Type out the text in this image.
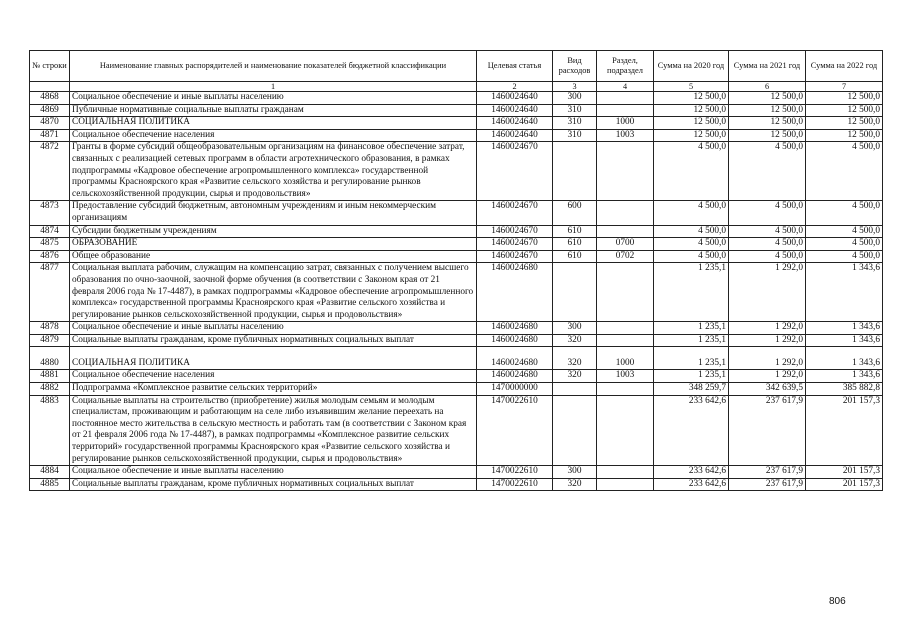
№ строки	Наименование главных распорядителей и наименование показателей бюджетной классификации	Целевая статья	Вид расходов	Раздел, подраздел	Сумма на 2020 год	Сумма на 2021 год	Сумма на 2022 год
	1	2	3	4	5	6	7
4868	Социальное обеспечение и иные выплаты населению	1460024640	300		12 500,0	12 500,0	12 500,0
4869	Публичные нормативные социальные выплаты гражданам	1460024640	310		12 500,0	12 500,0	12 500,0
4870	СОЦИАЛЬНАЯ ПОЛИТИКА	1460024640	310	1000	12 500,0	12 500,0	12 500,0
4871	Социальное обеспечение населения	1460024640	310	1003	12 500,0	12 500,0	12 500,0
4872	Гранты в форме субсидий общеобразовательным организациям на финансовое обеспечение затрат, связанных с реализацией сетевых программ в области агротехнического образования, в рамках подпрограммы «Кадровое обеспечение агропромышленного комплекса» государственной программы Красноярского края «Развитие сельского хозяйства и регулирование рынков сельскохозяйственной продукции, сырья и продовольствия»	1460024670			4 500,0	4 500,0	4 500,0
4873	Предоставление субсидий бюджетным, автономным учреждениям и иным некоммерческим организациям	1460024670	600		4 500,0	4 500,0	4 500,0
4874	Субсидии бюджетным учреждениям	1460024670	610		4 500,0	4 500,0	4 500,0
4875	ОБРАЗОВАНИЕ	1460024670	610	0700	4 500,0	4 500,0	4 500,0
4876	Общее образование	1460024670	610	0702	4 500,0	4 500,0	4 500,0
4877	Социальная выплата рабочим, служащим на компенсацию затрат, связанных с получением высшего образования по очно-заочной, заочной форме обучения (в соответствии с Законом края от 21 февраля 2006 года № 17-4487), в рамках подпрограммы «Кадровое обеспечение агропромышленного комплекса» государственной программы Красноярского края «Развитие сельского хозяйства и регулирование рынков сельскохозяйственной продукции, сырья и продовольствия»	1460024680			1 235,1	1 292,0	1 343,6
4878	Социальное обеспечение и иные выплаты населению	1460024680	300		1 235,1	1 292,0	1 343,6
4879	Социальные выплаты гражданам, кроме публичных нормативных социальных выплат	1460024680	320		1 235,1	1 292,0	1 343,6
4880	СОЦИАЛЬНАЯ ПОЛИТИКА	1460024680	320	1000	1 235,1	1 292,0	1 343,6
4881	Социальное обеспечение населения	1460024680	320	1003	1 235,1	1 292,0	1 343,6
4882	Подпрограмма «Комплексное развитие сельских территорий»	1470000000			348 259,7	342 639,5	385 882,8
4883	Социальные выплаты на строительство (приобретение) жилья молодым семьям и молодым специалистам, проживающим и работающим на селе либо изъявившим желание переехать на постоянное место жительства в сельскую местность и работать там (в соответствии с Законом края от 21 февраля 2006 года № 17-4487), в рамках подпрограммы «Комплексное развитие сельских территорий» государственной программы Красноярского края «Развитие сельского хозяйства и регулирование рынков сельскохозяйственной продукции, сырья и продовольствия»	1470022610			233 642,6	237 617,9	201 157,3
4884	Социальное обеспечение и иные выплаты населению	1470022610	300		233 642,6	237 617,9	201 157,3
4885	Социальные выплаты гражданам, кроме публичных нормативных социальных выплат	1470022610	320		233 642,6	237 617,9	201 157,3
806
